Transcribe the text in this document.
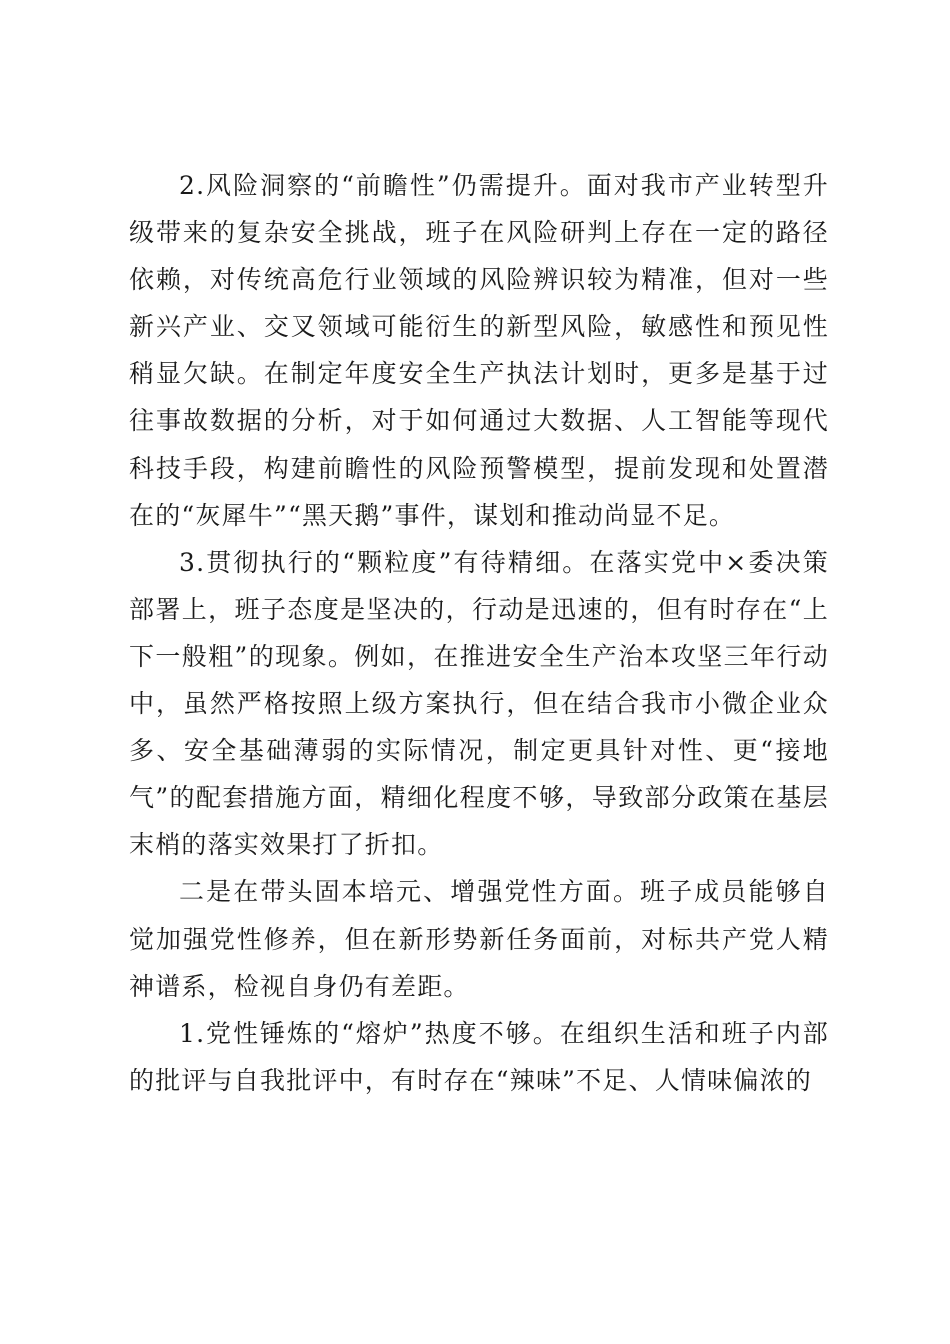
2.风险洞察的“前瞻性”仍需提升。面对我市产业转型升级带来的复杂安全挑战，班子在风险研判上存在一定的路径依赖，对传统高危行业领域的风险辨识较为精准，但对一些新兴产业、交叉领域可能衍生的新型风险，敏感性和预见性稍显欠缺。在制定年度安全生产执法计划时，更多是基于过往事故数据的分析，对于如何通过大数据、人工智能等现代科技手段，构建前瞻性的风险预警模型，提前发现和处置潜在的“灰犀牛”“黑天鹅”事件，谋划和推动尚显不足。

3.贯彻执行的“颗粒度”有待精细。在落实党中×委决策部署上，班子态度是坚决的，行动是迅速的，但有时存在“上下一般粗”的现象。例如，在推进安全生产治本攻坚三年行动中，虽然严格按照上级方案执行，但在结合我市小微企业众多、安全基础薄弱的实际情况，制定更具针对性、更“接地气”的配套措施方面，精细化程度不够，导致部分政策在基层末梢的落实效果打了折扣。

二是在带头固本培元、增强党性方面。班子成员能够自觉加强党性修养，但在新形势新任务面前，对标共产党人精神谱系，检视自身仍有差距。

1.党性锤炼的“熔炉”热度不够。在组织生活和班子内部的批评与自我批评中，有时存在“辣味”不足、人情味偏浓的
